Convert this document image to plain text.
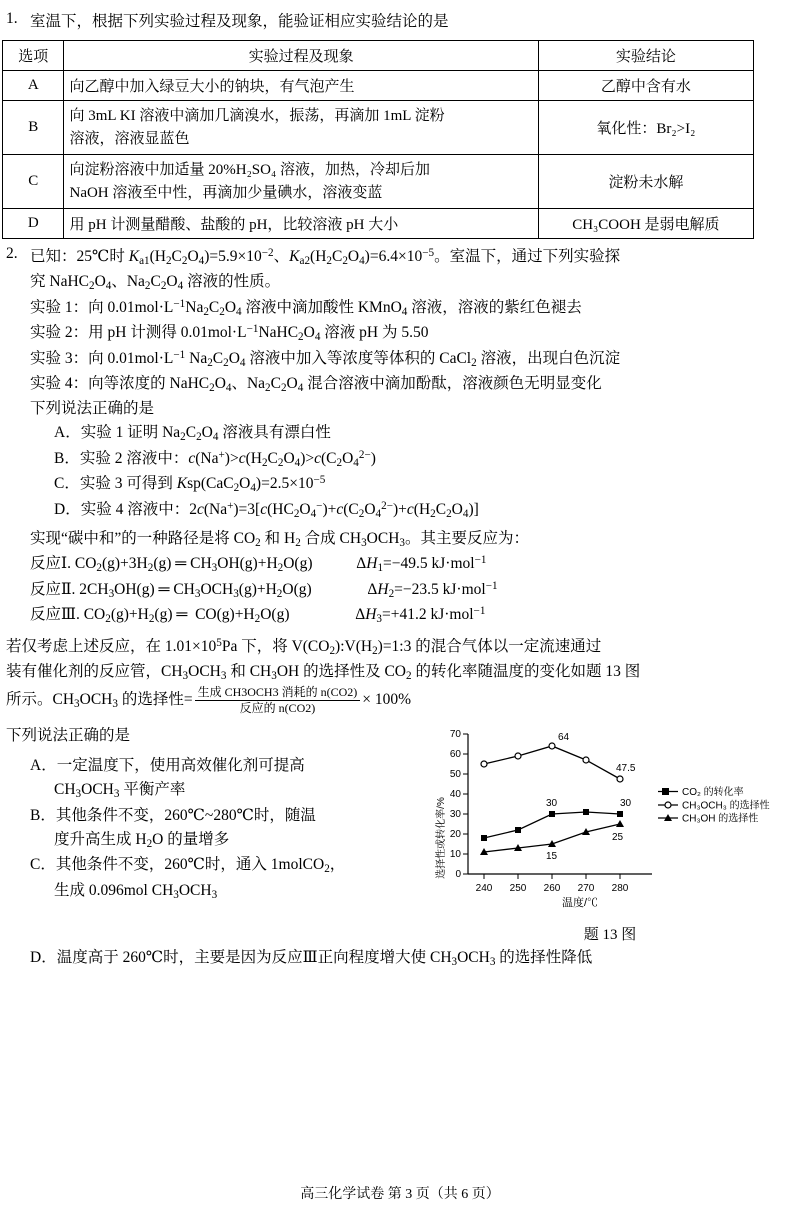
1. 室温下，根据下列实验过程及现象，能验证相应实验结论的是
选项	实验过程及现象	实验结论
A	向乙醇中加入绿豆大小的钠块，有气泡产生	乙醇中含有水
B	向 3mL KI 溶液中滴加几滴溴水，振荡，再滴加 1mL 淀粉
溶液，溶液显蓝色	氧化性：Br₂>I₂
C	向淀粉溶液中加适量 20%H₂SO₄ 溶液，加热，冷却后加
NaOH 溶液至中性，再滴加少量碘水，溶液变蓝	淀粉未水解
D	用 pH 计测量醋酸、盐酸的 pH，比较溶液 pH 大小	CH₃COOH 是弱电解质
2. 已知：25℃时 $K_{a1}(H_2C_2O_4)=5.9\times 10^{-2}$、$K_{a2}(H_2C_2O_4)=6.4\times 10^{-5}$。室温下，通过下列实验探
究 $NaHC_2O_4$、$Na_2C_2O_4$ 溶液的性质。
实验 1：向 $0.01mol\cdot L^{-1}Na_2C_2O_4$ 溶液中滴加酸性 KMnO$_4$ 溶液，溶液的紫红色褪去
实验 2：用 pH 计测得 $0.01mol\cdot L^{-1}NaHC_2O_4$ 溶液 pH 为 5.50
实验 3：向 $0.01mol\cdot L^{-1}$ $Na_2C_2O_4$ 溶液中加入等浓度等体积的 CaCl$_2$ 溶液，出现白色沉淀
实验 4：向等浓度的 $NaHC_2O_4$、$Na_2C_2O_4$ 混合溶液中滴加酚酞，溶液颜色无明显变化
下列说法正确的是
A．实验 1 证明 $Na_2C_2O_4$ 溶液具有漂白性
B．实验 2 溶液中：$c(Na^+)>c(H_2C_2O_4)>c(C_2O_4^{2-})$
C．实验 3 可得到 $Ksp(CaC_2O_4)=2.5\times 10^{-5}$
D．实验 4 溶液中：$2c(Na^+)=3[c(HC_2O_4^-)+c(C_2O_4^{2-})+c(H_2C_2O_4)]$
实现“碳中和”的一种路径是将 $CO_2$ 和 $H_2$ 合成 $CH_3OCH_3$。其主要反应为：
反应Ⅰ. $CO_2(g)+3H_2(g)$ ═ $CH_3OH(g)+H_2O(g)$  $\Delta H_1=-49.5$ kJ·mol$^{-1}$
反应Ⅱ. $2CH_3OH(g)$ ═ $CH_3OCH_3(g)+H_2O(g)$	$\Delta H_2=-23.5$ kJ·mol$^{-1}$
反应Ⅲ. $CO_2(g)+H_2(g)$ ═  $CO(g)+H_2O(g)$	$\Delta H_3=+41.2$ kJ·mol$^{-1}$
若仅考虑上述反应，在 $1.01\times 10^5Pa$ 下，将 $V(CO_2):V(H_2)=1:3$ 的混合气体以一定流速通过
装有催化剂的反应管，$CH_3OCH_3$ 和 $CH_3OH$ 的选择性及 $CO_2$ 的转化率随温度的变化如题 13 图
所示。$CH_3OCH_3$ 的选择性= $\frac{\text{生成 CH3OCH3 消耗的 n(CO2)}}{\text{反应的 n(CO2)}} \times 100\%$
下列说法正确的是
A．一定温度下，使用高效催化剂可提高
$CH_3OCH_3$ 平衡产率
B．其他条件不变，260℃~280℃时，随温
度升高生成 $H_2O$ 的量增多
C．其他条件不变，260℃时，通入 1molCO$_2$，
生成 0.096mol $CH_3OCH_3$
选择性或转化率/%
70
60
50
40
30
20
10
0
240 250 260 270 280
温度/℃
64
47.5
30	30
15
25
CO₂ 的转化率
CH₃OCH₃ 的选择性
CH₃OH 的选择性
题 13 图
D．温度高于 260℃时，主要是因为反应Ⅲ正向程度增大使 $CH_3OCH_3$ 的选择性降低
高三化学试卷 第 3 页（共 6 页）
